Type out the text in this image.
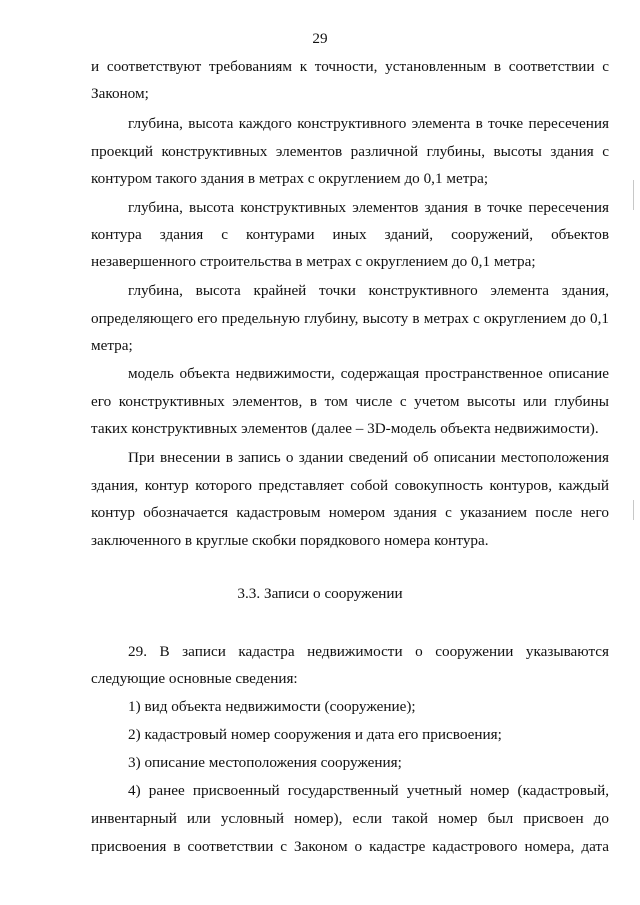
29
и соответствуют требованиям к точности, установленным в соответствии с
Законом;
глубина, высота каждого конструктивного элемента в точке пересечения
проекций конструктивных элементов различной глубины, высоты здания с
контуром такого здания в метрах с округлением до 0,1 метра;
глубина, высота конструктивных элементов здания в точке пересечения
контура здания с контурами иных зданий, сооружений, объектов
незавершенного строительства в метрах с округлением до 0,1 метра;
глубина, высота крайней точки конструктивного элемента здания,
определяющего его предельную глубину, высоту в метрах с округлением до 0,1
метра;
модель объекта недвижимости, содержащая пространственное описание
его конструктивных элементов, в том числе с учетом высоты или глубины
таких конструктивных элементов (далее – 3D-модель объекта недвижимости).
При внесении в запись о здании сведений об описании местоположения
здания, контур которого представляет собой совокупность контуров, каждый
контур обозначается кадастровым номером здания с указанием после него
заключенного в круглые скобки порядкового номера контура.
3.3. Записи о сооружении
29. В записи кадастра недвижимости о сооружении указываются
следующие основные сведения:
1) вид объекта недвижимости (сооружение);
2) кадастровый номер сооружения и дата его присвоения;
3) описание местоположения сооружения;
4) ранее присвоенный государственный учетный номер (кадастровый,
инвентарный или условный номер), если такой номер был присвоен до
присвоения в соответствии с Законом о кадастре кадастрового номера, дата
